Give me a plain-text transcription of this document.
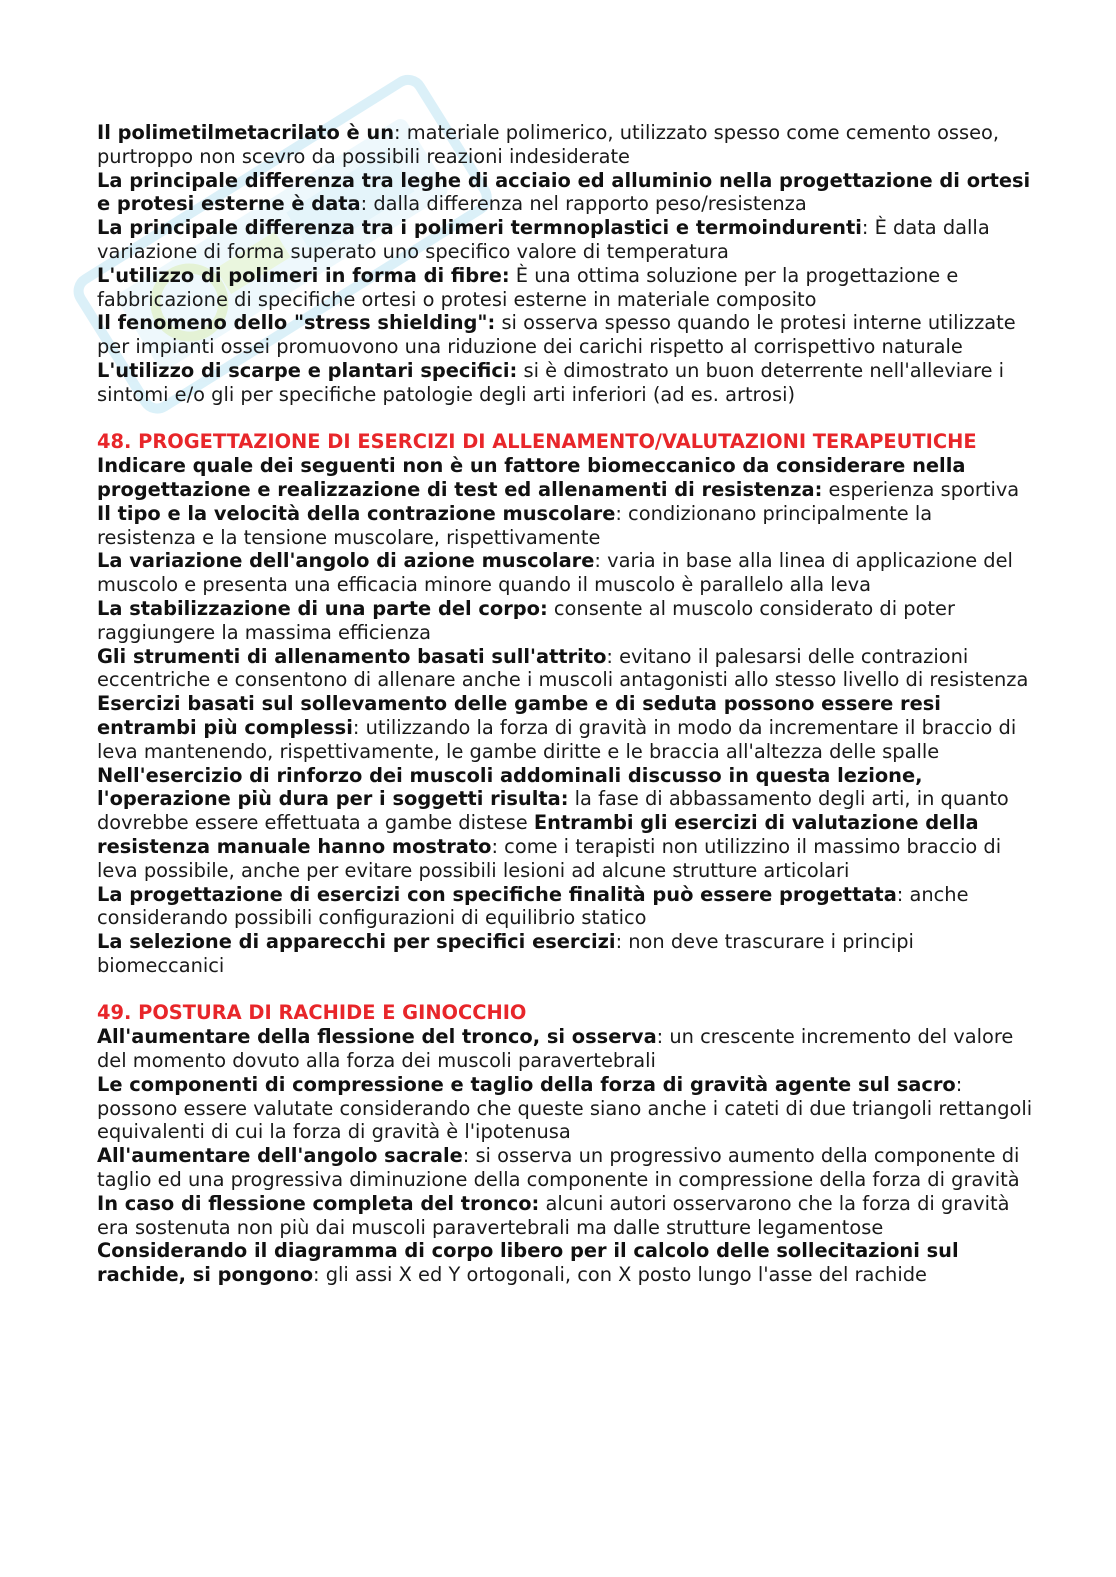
Il polimetilmetacrilato è un: materiale polimerico, utilizzato spesso come cemento osseo, purtroppo non scevro da possibili reazioni indesiderate

La principale differenza tra leghe di acciaio ed alluminio nella progettazione di ortesi e protesi esterne è data: dalla differenza nel rapporto peso/resistenza

La principale differenza tra i polimeri termnoplastici e termoindurenti: È data dalla variazione di forma superato uno specifico valore di temperatura

L'utilizzo di polimeri in forma di fibre: È una ottima soluzione per la progettazione e fabbricazione di specifiche ortesi o protesi esterne in materiale composito

Il fenomeno dello "stress shielding": si osserva spesso quando le protesi interne utilizzate per impianti ossei promuovono una riduzione dei carichi rispetto al corrispettivo naturale

L'utilizzo di scarpe e plantari specifici: si è dimostrato un buon deterrente nell'alleviare i sintomi e/o gli per specifiche patologie degli arti inferiori (ad es. artrosi)

48. PROGETTAZIONE DI ESERCIZI DI ALLENAMENTO/VALUTAZIONI TERAPEUTICHE

Indicare quale dei seguenti non è un fattore biomeccanico da considerare nella progettazione e realizzazione di test ed allenamenti di resistenza: esperienza sportiva

Il tipo e la velocità della contrazione muscolare: condizionano principalmente la resistenza e la tensione muscolare, rispettivamente

La variazione dell'angolo di azione muscolare: varia in base alla linea di applicazione del muscolo e presenta una efficacia minore quando il muscolo è parallelo alla leva

La stabilizzazione di una parte del corpo: consente al muscolo considerato di poter raggiungere la massima efficienza

Gli strumenti di allenamento basati sull'attrito: evitano il palesarsi delle contrazioni eccentriche e consentono di allenare anche i muscoli antagonisti allo stesso livello di resistenza

Esercizi basati sul sollevamento delle gambe e di seduta possono essere resi entrambi più complessi: utilizzando la forza di gravità in modo da incrementare il braccio di leva mantenendo, rispettivamente, le gambe diritte e le braccia all'altezza delle spalle

Nell'esercizio di rinforzo dei muscoli addominali discusso in questa lezione, l'operazione più dura per i soggetti risulta: la fase di abbassamento degli arti, in quanto dovrebbe essere effettuata a gambe distese Entrambi gli esercizi di valutazione della resistenza manuale hanno mostrato: come i terapisti non utilizzino il massimo braccio di leva possibile, anche per evitare possibili lesioni ad alcune strutture articolari

La progettazione di esercizi con specifiche finalità può essere progettata: anche considerando possibili configurazioni di equilibrio statico

La selezione di apparecchi per specifici esercizi: non deve trascurare i principi biomeccanici

49. POSTURA DI RACHIDE E GINOCCHIO

All'aumentare della flessione del tronco, si osserva: un crescente incremento del valore del momento dovuto alla forza dei muscoli paravertebrali

Le componenti di compressione e taglio della forza di gravità agente sul sacro: possono essere valutate considerando che queste siano anche i cateti di due triangoli rettangoli equivalenti di cui la forza di gravità è l'ipotenusa

All'aumentare dell'angolo sacrale: si osserva un progressivo aumento della componente di taglio ed una progressiva diminuzione della componente in compressione della forza di gravità

In caso di flessione completa del tronco: alcuni autori osservarono che la forza di gravità era sostenuta non più dai muscoli paravertebrali ma dalle strutture legamentose

Considerando il diagramma di corpo libero per il calcolo delle sollecitazioni sul rachide, si pongono: gli assi X ed Y ortogonali, con X posto lungo l'asse del rachide
